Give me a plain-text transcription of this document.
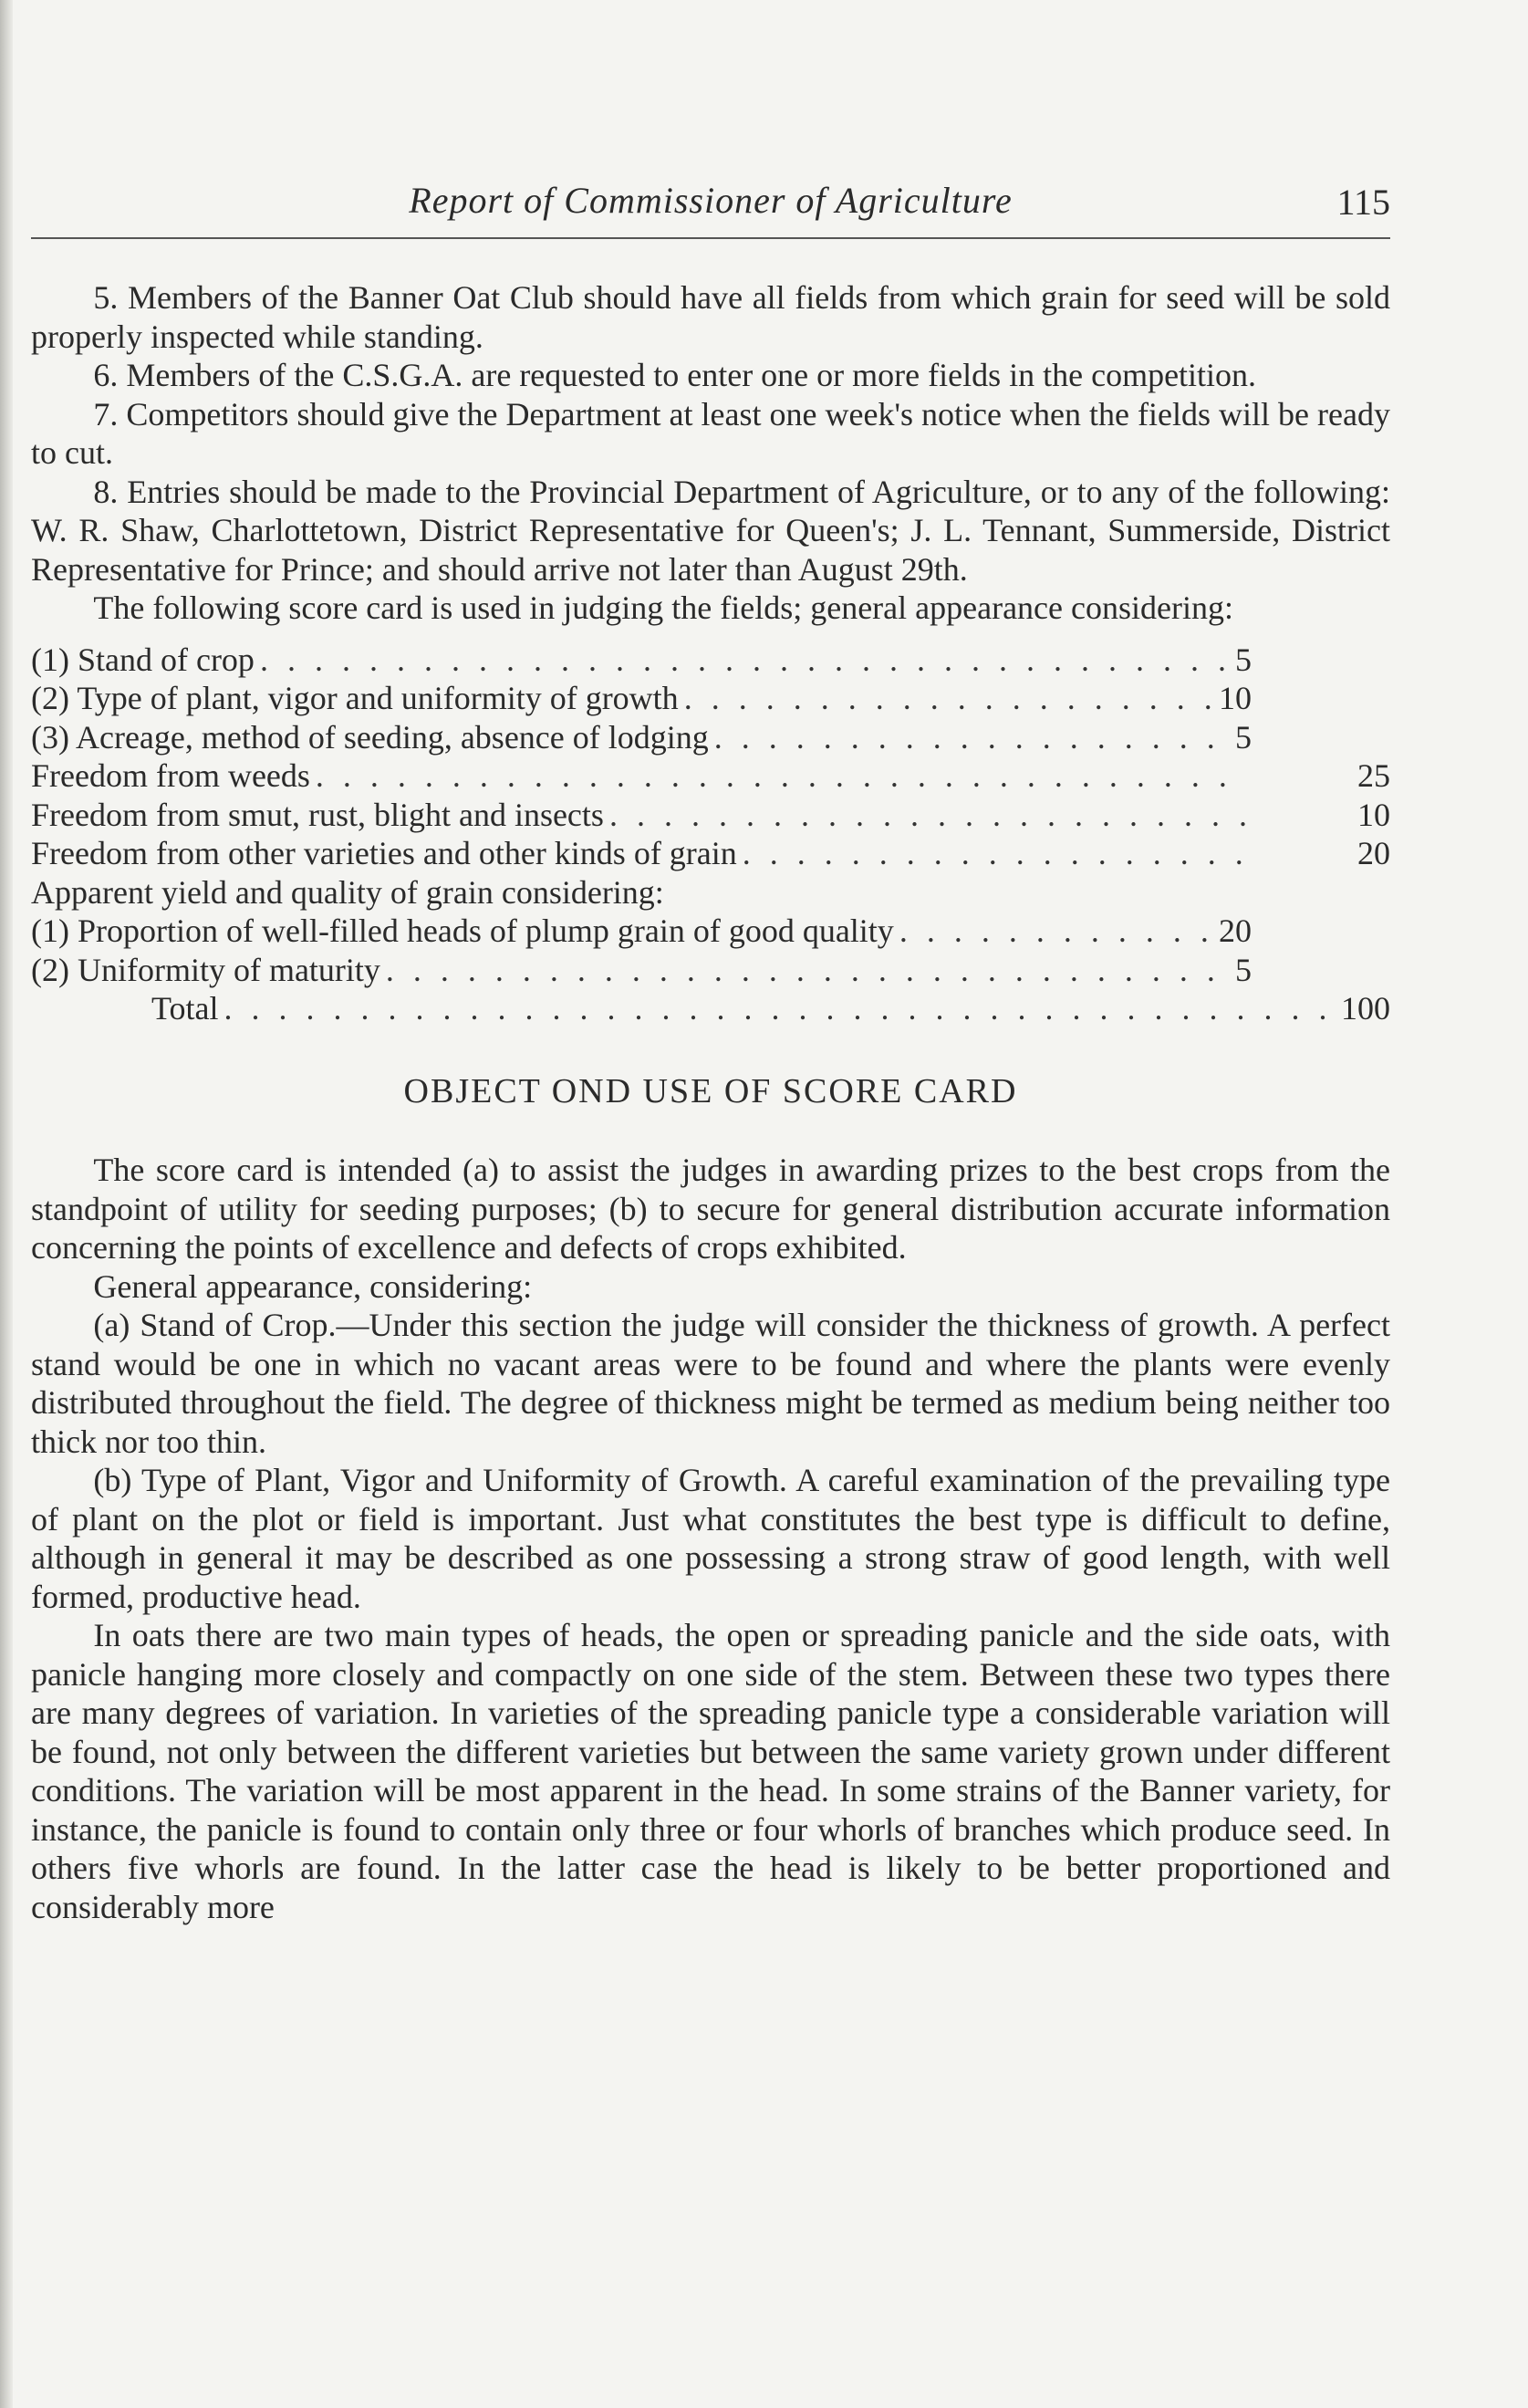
Report of Commissioner of Agriculture	115

5. Members of the Banner Oat Club should have all fields from which grain for seed will be sold properly inspected while standing.

6. Members of the C.S.G.A. are requested to enter one or more fields in the competition.

7. Competitors should give the Department at least one week's notice when the fields will be ready to cut.

8. Entries should be made to the Provincial Department of Agriculture, or to any of the following: W. R. Shaw, Charlottetown, District Representative for Queen's; J. L. Tennant, Summerside, District Representative for Prince; and should arrive not later than August 29th.

The following score card is used in judging the fields; general appearance considering:

(1) Stand of crop . . .	5
(2) Type of plant, vigor and uniformity of growth . . .	10
(3) Acreage, method of seeding, absence of lodging . . .	5
Freedom from weeds . . .	25
Freedom from smut, rust, blight and insects . . .	10
Freedom from other varieties and other kinds of grain . . .	20
Apparent yield and quality of grain considering:
(1) Proportion of well-filled heads of plump grain of good quality . . .	20
(2) Uniformity of maturity . . .	5
Total . . .	100
OBJECT OND USE OF SCORE CARD

The score card is intended (a) to assist the judges in awarding prizes to the best crops from the standpoint of utility for seeding purposes; (b) to secure for general distribution accurate information concerning the points of excellence and defects of crops exhibited.

General appearance, considering:

(a) Stand of Crop.—Under this section the judge will consider the thickness of growth. A perfect stand would be one in which no vacant areas were to be found and where the plants were evenly distributed throughout the field. The degree of thickness might be termed as medium being neither too thick nor too thin.

(b) Type of Plant, Vigor and Uniformity of Growth. A careful examination of the prevailing type of plant on the plot or field is important. Just what constitutes the best type is difficult to define, although in general it may be described as one possessing a strong straw of good length, with well formed, productive head.

In oats there are two main types of heads, the open or spreading panicle and the side oats, with panicle hanging more closely and compactly on one side of the stem. Between these two types there are many degrees of variation. In varieties of the spreading panicle type a considerable variation will be found, not only between the different varieties but between the same variety grown under different conditions. The variation will be most apparent in the head. In some strains of the Banner variety, for instance, the panicle is found to contain only three or four whorls of branches which produce seed. In others five whorls are found. In the latter case the head is likely to be better proportioned and considerably more
